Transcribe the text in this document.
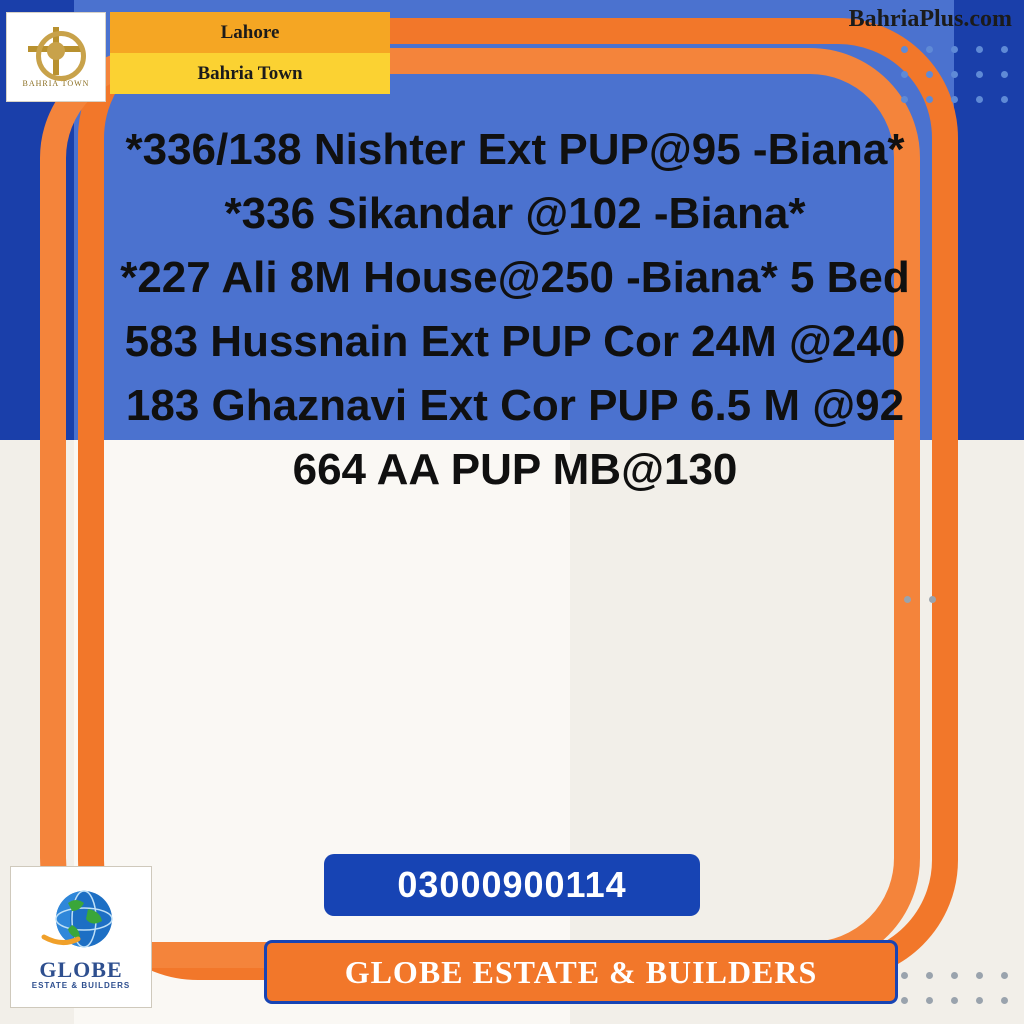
BAHRIA TOWN
Lahore
Bahria Town
BahriaPlus.com
*336/138 Nishter Ext PUP@95 -Biana*
*336 Sikandar @102 -Biana*
*227 Ali 8M House@250 -Biana* 5 Bed
583 Hussnain Ext PUP Cor 24M @240
183 Ghaznavi Ext Cor PUP 6.5 M @92
664 AA PUP MB@130
03000900114
GLOBE ESTATE & BUILDERS
GLOBE
ESTATE & BUILDERS
